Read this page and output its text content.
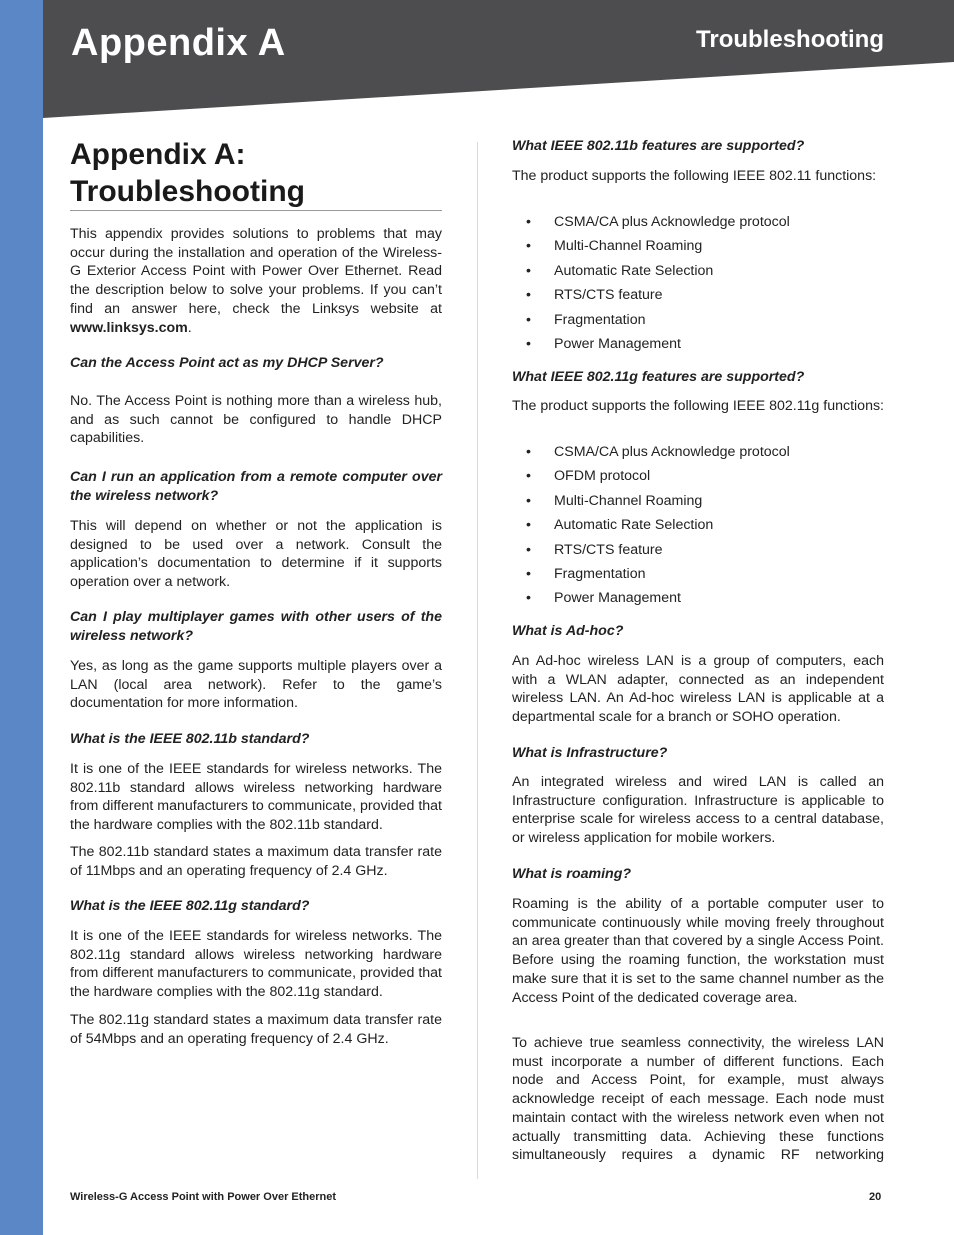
Appendix A	Troubleshooting
Appendix A:
Troubleshooting

This appendix provides solutions to problems that may occur during the installation and operation of the Wireless-G Exterior Access Point with Power Over Ethernet. Read the description below to solve your problems. If you can’t find an answer here, check the Linksys website at www.linksys.com.

Can the Access Point act as my DHCP Server?

No. The Access Point is nothing more than a wireless hub, and as such cannot be configured to handle DHCP capabilities.

Can I run an application from a remote computer over the wireless network?

This will depend on whether or not the application is designed to be used over a network. Consult the application’s documentation to determine if it supports operation over a network.

Can I play multiplayer games with other users of the wireless network?

Yes, as long as the game supports multiple players over a LAN (local area network). Refer to the game’s documentation for more information.

What is the IEEE 802.11b standard?

It is one of the IEEE standards for wireless networks. The 802.11b standard allows wireless networking hardware from different manufacturers to communicate, provided that the hardware complies with the 802.11b standard.

The 802.11b standard states a maximum data transfer rate of 11Mbps and an operating frequency of 2.4 GHz.

What is the IEEE 802.11g standard?

It is one of the IEEE standards for wireless networks. The 802.11g standard allows wireless networking hardware from different manufacturers to communicate, provided that the hardware complies with the 802.11g standard.

The 802.11g standard states a maximum data transfer rate of 54Mbps and an operating frequency of 2.4 GHz.

What IEEE 802.11b features are supported?

The product supports the following IEEE 802.11 functions:

• CSMA/CA plus Acknowledge protocol
• Multi-Channel Roaming
• Automatic Rate Selection
• RTS/CTS feature
• Fragmentation
• Power Management
What IEEE 802.11g features are supported?

The product supports the following IEEE 802.11g functions:

• CSMA/CA plus Acknowledge protocol
• OFDM protocol
• Multi-Channel Roaming
• Automatic Rate Selection
• RTS/CTS feature
• Fragmentation
• Power Management
What is Ad-hoc?

An Ad-hoc wireless LAN is a group of computers, each with a WLAN adapter, connected as an independent wireless LAN. An Ad-hoc wireless LAN is applicable at a departmental scale for a branch or SOHO operation.

What is Infrastructure?

An integrated wireless and wired LAN is called an Infrastructure configuration. Infrastructure is applicable to enterprise scale for wireless access to a central database, or wireless application for mobile workers.

What is roaming?

Roaming is the ability of a portable computer user to communicate continuously while moving freely throughout an area greater than that covered by a single Access Point. Before using the roaming function, the workstation must make sure that it is set to the same channel number as the Access Point of the dedicated coverage area.

To achieve true seamless connectivity, the wireless LAN must incorporate a number of different functions. Each node and Access Point, for example, must always acknowledge receipt of each message. Each node must maintain contact with the wireless network even when not actually transmitting data. Achieving these functions simultaneously requires a dynamic RF networking

Wireless-G Access Point with Power Over Ethernet	20
